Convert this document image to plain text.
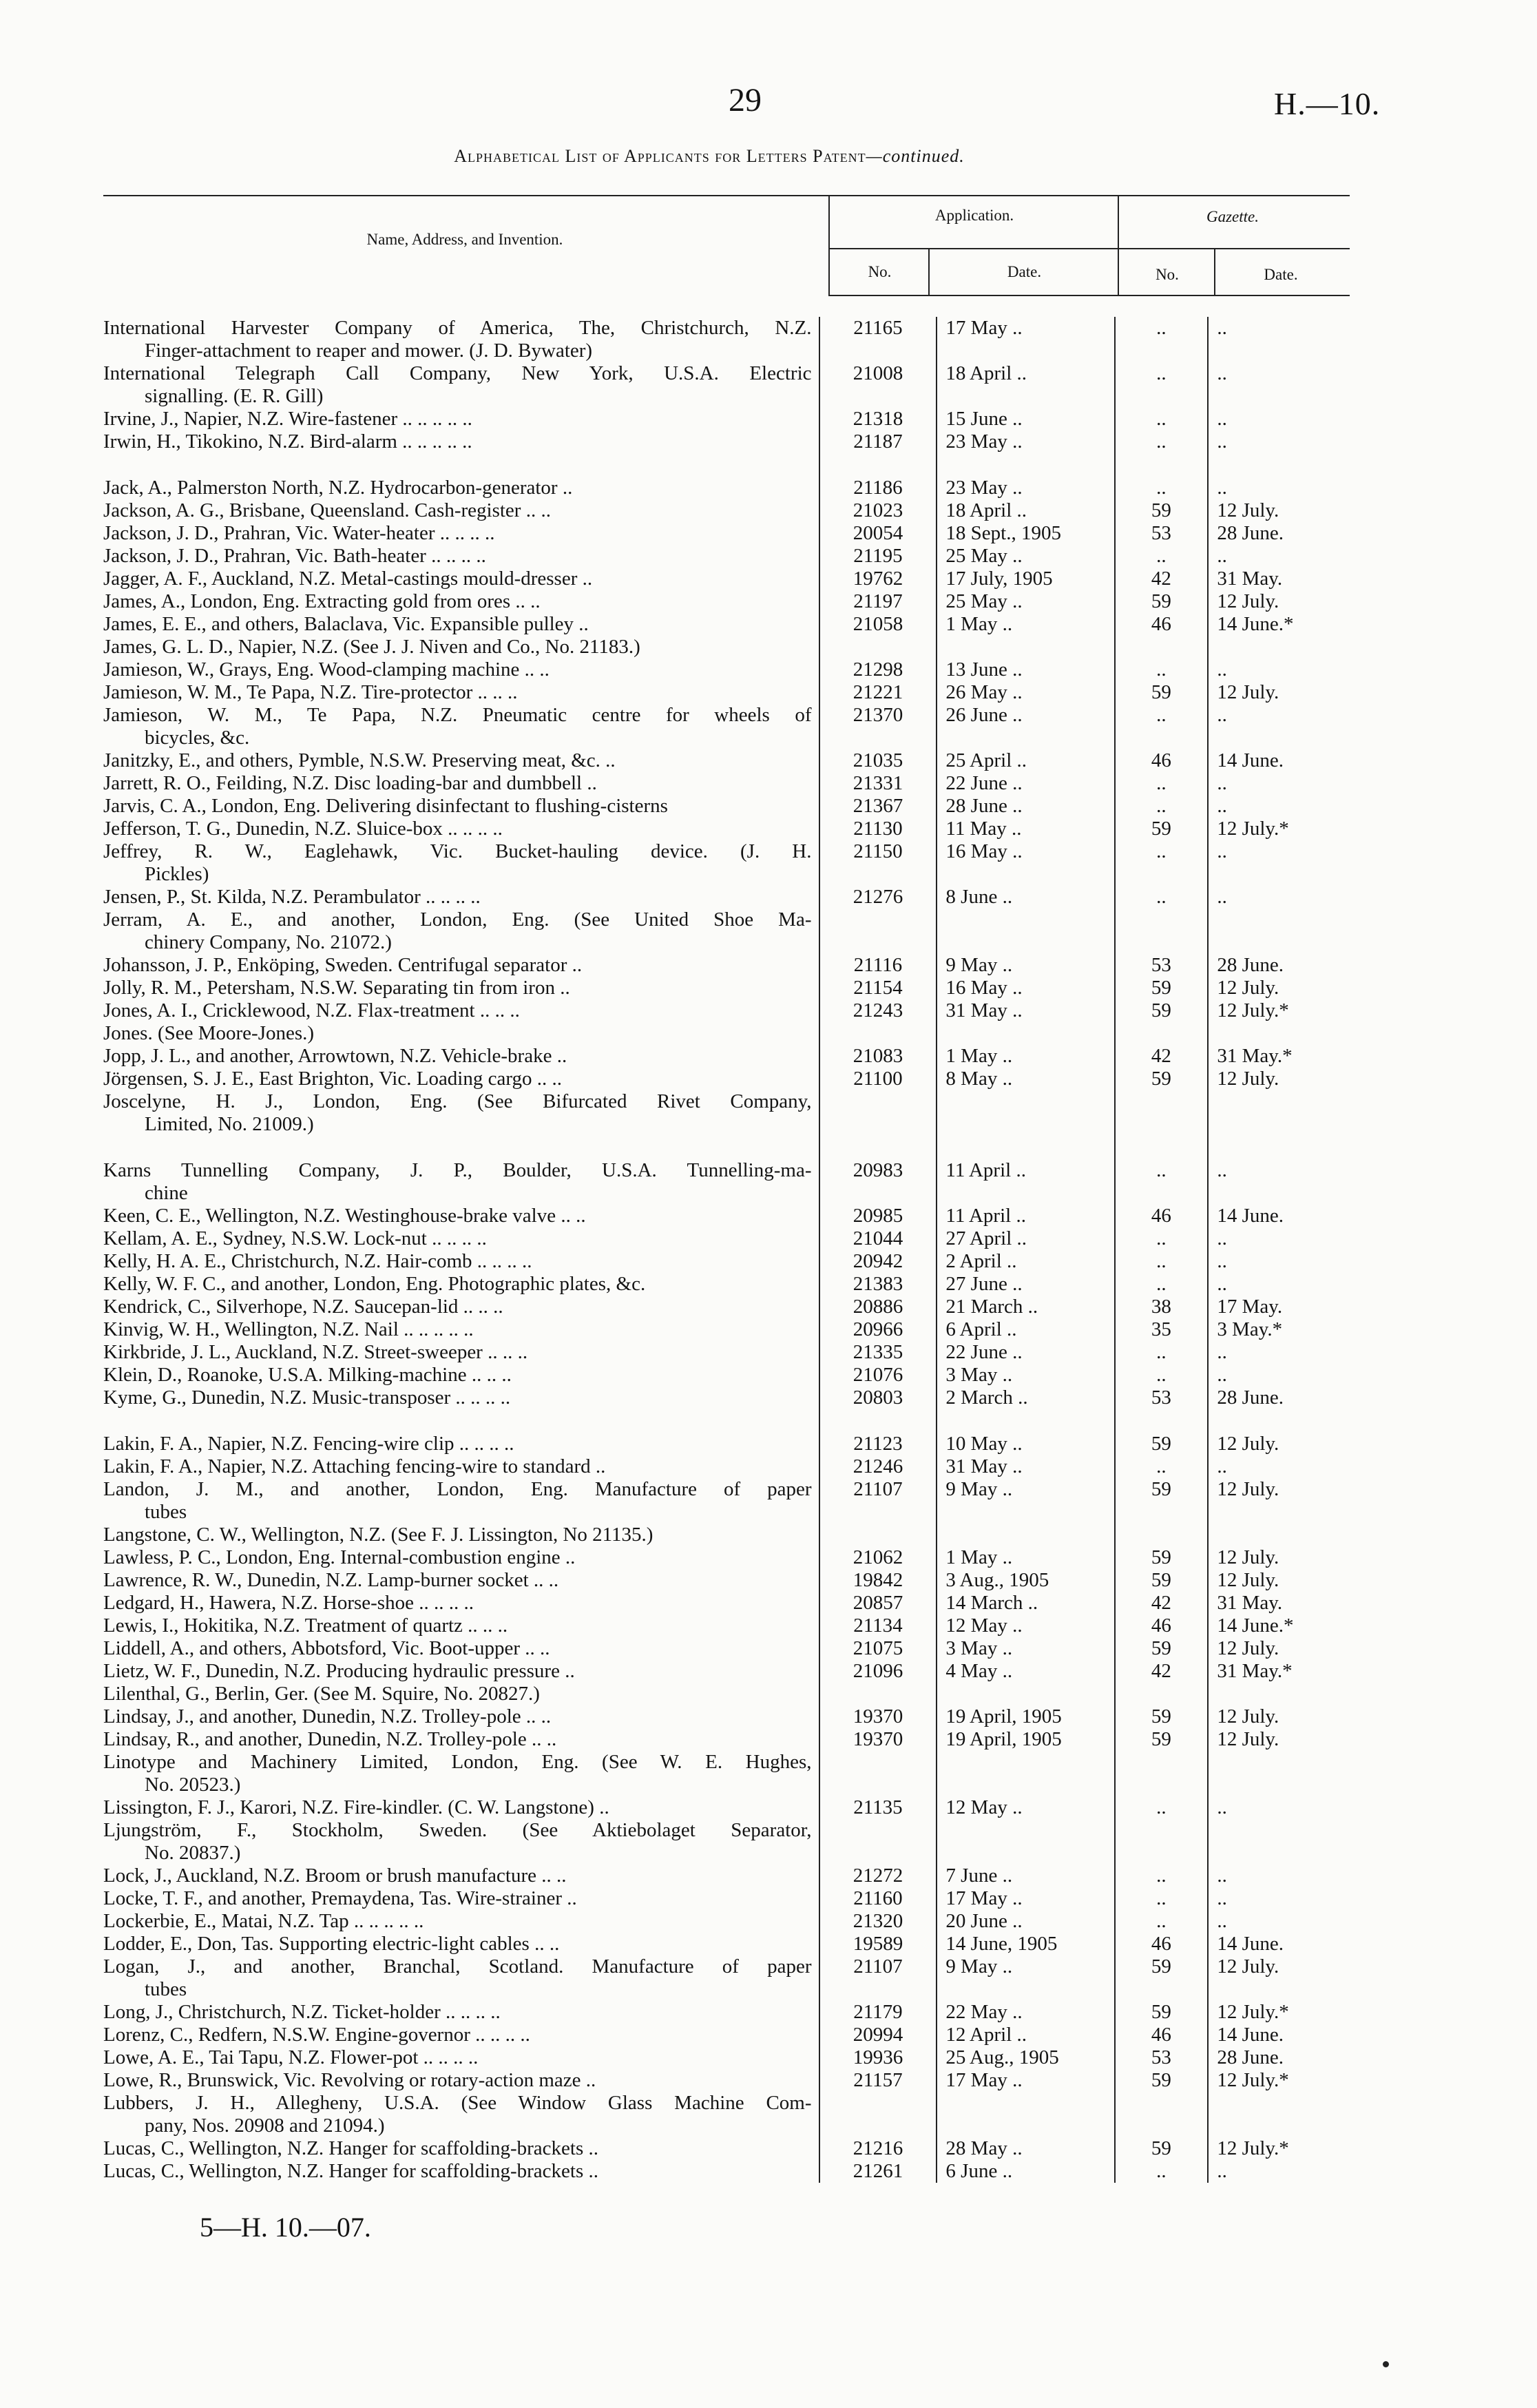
29	H.—10.
Alphabetical List of Applicants for Letters Patent—continued.
Name, Address, and Invention.
Application.	Gazette.
No.	Date.	No.	Date.
International Harvester Company of America, The, Christchurch, N.Z.
Finger-attachment to reaper and mower. (J. D. Bywater)	21165	17 May ..	..	..

International Telegraph Call Company, New York, U.S.A. Electric
signalling. (E. R. Gill)	21008	18 April ..	..	..

Irvine, J., Napier, N.Z. Wire-fastener .. .. .. .. ..	21318	15 June ..	..	..

Irwin, H., Tikokino, N.Z. Bird-alarm .. .. .. .. ..	21187	23 May ..	..	..

Jack, A., Palmerston North, N.Z. Hydrocarbon-generator ..	21186	23 May ..	..	..

Jackson, A. G., Brisbane, Queensland. Cash-register .. ..	21023	18 April ..	59	12 July.

Jackson, J. D., Prahran, Vic. Water-heater .. .. .. ..	20054	18 Sept., 1905	53	28 June.

Jackson, J. D., Prahran, Vic. Bath-heater .. .. .. ..	21195	25 May ..	..	..

Jagger, A. F., Auckland, N.Z. Metal-castings mould-dresser ..	19762	17 July, 1905	42	31 May.

James, A., London, Eng. Extracting gold from ores .. ..	21197	25 May ..	59	12 July.

James, E. E., and others, Balaclava, Vic. Expansible pulley ..	21058	1 May ..	46	14 June.*

James, G. L. D., Napier, N.Z. (See J. J. Niven and Co., No. 21183.)				

Jamieson, W., Grays, Eng. Wood-clamping machine .. ..	21298	13 June ..	..	..

Jamieson, W. M., Te Papa, N.Z. Tire-protector .. .. ..	21221	26 May ..	59	12 July.

Jamieson, W. M., Te Papa, N.Z. Pneumatic centre for wheels of
bicycles, &c.	21370	26 June ..	..	..

Janitzky, E., and others, Pymble, N.S.W. Preserving meat, &c. ..	21035	25 April ..	46	14 June.

Jarrett, R. O., Feilding, N.Z. Disc loading-bar and dumbbell ..	21331	22 June ..	..	..

Jarvis, C. A., London, Eng. Delivering disinfectant to flushing-cisterns	21367	28 June ..	..	..

Jefferson, T. G., Dunedin, N.Z. Sluice-box .. .. .. ..	21130	11 May ..	59	12 July.*

Jeffrey, R. W., Eaglehawk, Vic. Bucket-hauling device. (J. H.
Pickles)	21150	16 May ..	..	..

Jensen, P., St. Kilda, N.Z. Perambulator .. .. .. ..	21276	8 June ..	..	..

Jerram, A. E., and another, London, Eng. (See United Shoe Ma-
chinery Company, No. 21072.)				

Johansson, J. P., Enköping, Sweden. Centrifugal separator ..	21116	9 May ..	53	28 June.

Jolly, R. M., Petersham, N.S.W. Separating tin from iron ..	21154	16 May ..	59	12 July.

Jones, A. I., Cricklewood, N.Z. Flax-treatment .. .. ..	21243	31 May ..	59	12 July.*

Jones. (See Moore-Jones.)				

Jopp, J. L., and another, Arrowtown, N.Z. Vehicle-brake ..	21083	1 May ..	42	31 May.*

Jörgensen, S. J. E., East Brighton, Vic. Loading cargo .. ..	21100	8 May ..	59	12 July.

Joscelyne, H. J., London, Eng. (See Bifurcated Rivet Company,
Limited, No. 21009.)				

Karns Tunnelling Company, J. P., Boulder, U.S.A. Tunnelling-ma-
chine	20983	11 April ..	..	..

Keen, C. E., Wellington, N.Z. Westinghouse-brake valve .. ..	20985	11 April ..	46	14 June.

Kellam, A. E., Sydney, N.S.W. Lock-nut .. .. .. ..	21044	27 April ..	..	..

Kelly, H. A. E., Christchurch, N.Z. Hair-comb .. .. .. ..	20942	2 April ..	..	..

Kelly, W. F. C., and another, London, Eng. Photographic plates, &c.	21383	27 June ..	..	..

Kendrick, C., Silverhope, N.Z. Saucepan-lid .. .. ..	20886	21 March ..	38	17 May.

Kinvig, W. H., Wellington, N.Z. Nail .. .. .. .. ..	20966	6 April ..	35	3 May.*

Kirkbride, J. L., Auckland, N.Z. Street-sweeper .. .. ..	21335	22 June ..	..	..

Klein, D., Roanoke, U.S.A. Milking-machine .. .. ..	21076	3 May ..	..	..

Kyme, G., Dunedin, N.Z. Music-transposer .. .. .. ..	20803	2 March ..	53	28 June.

Lakin, F. A., Napier, N.Z. Fencing-wire clip .. .. .. ..	21123	10 May ..	59	12 July.

Lakin, F. A., Napier, N.Z. Attaching fencing-wire to standard ..	21246	31 May ..	..	..

Landon, J. M., and another, London, Eng. Manufacture of paper
tubes	21107	9 May ..	59	12 July.

Langstone, C. W., Wellington, N.Z. (See F. J. Lissington, No 21135.)				

Lawless, P. C., London, Eng. Internal-combustion engine ..	21062	1 May ..	59	12 July.

Lawrence, R. W., Dunedin, N.Z. Lamp-burner socket .. ..	19842	3 Aug., 1905	59	12 July.

Ledgard, H., Hawera, N.Z. Horse-shoe .. .. .. ..	20857	14 March ..	42	31 May.

Lewis, I., Hokitika, N.Z. Treatment of quartz .. .. ..	21134	12 May ..	46	14 June.*

Liddell, A., and others, Abbotsford, Vic. Boot-upper .. ..	21075	3 May ..	59	12 July.

Lietz, W. F., Dunedin, N.Z. Producing hydraulic pressure ..	21096	4 May ..	42	31 May.*

Lilenthal, G., Berlin, Ger. (See M. Squire, No. 20827.)				

Lindsay, J., and another, Dunedin, N.Z. Trolley-pole .. ..	19370	19 April, 1905	59	12 July.

Lindsay, R., and another, Dunedin, N.Z. Trolley-pole .. ..	19370	19 April, 1905	59	12 July.

Linotype and Machinery Limited, London, Eng. (See W. E. Hughes,
No. 20523.)				

Lissington, F. J., Karori, N.Z. Fire-kindler. (C. W. Langstone) ..	21135	12 May ..	..	..

Ljungström, F., Stockholm, Sweden. (See Aktiebolaget Separator,
No. 20837.)				

Lock, J., Auckland, N.Z. Broom or brush manufacture .. ..	21272	7 June ..	..	..

Locke, T. F., and another, Premaydena, Tas. Wire-strainer ..	21160	17 May ..	..	..

Lockerbie, E., Matai, N.Z. Tap .. .. .. .. ..	21320	20 June ..	..	..

Lodder, E., Don, Tas. Supporting electric-light cables .. ..	19589	14 June, 1905	46	14 June.

Logan, J., and another, Branchal, Scotland. Manufacture of paper
tubes	21107	9 May ..	59	12 July.

Long, J., Christchurch, N.Z. Ticket-holder .. .. .. ..	21179	22 May ..	59	12 July.*

Lorenz, C., Redfern, N.S.W. Engine-governor .. .. .. ..	20994	12 April ..	46	14 June.

Lowe, A. E., Tai Tapu, N.Z. Flower-pot .. .. .. ..	19936	25 Aug., 1905	53	28 June.

Lowe, R., Brunswick, Vic. Revolving or rotary-action maze ..	21157	17 May ..	59	12 July.*

Lubbers, J. H., Allegheny, U.S.A. (See Window Glass Machine Com-
pany, Nos. 20908 and 21094.)				

Lucas, C., Wellington, N.Z. Hanger for scaffolding-brackets ..	21216	28 May ..	59	12 July.*

Lucas, C., Wellington, N.Z. Hanger for scaffolding-brackets ..	21261	6 June ..	..	..
5—H. 10.—07.
